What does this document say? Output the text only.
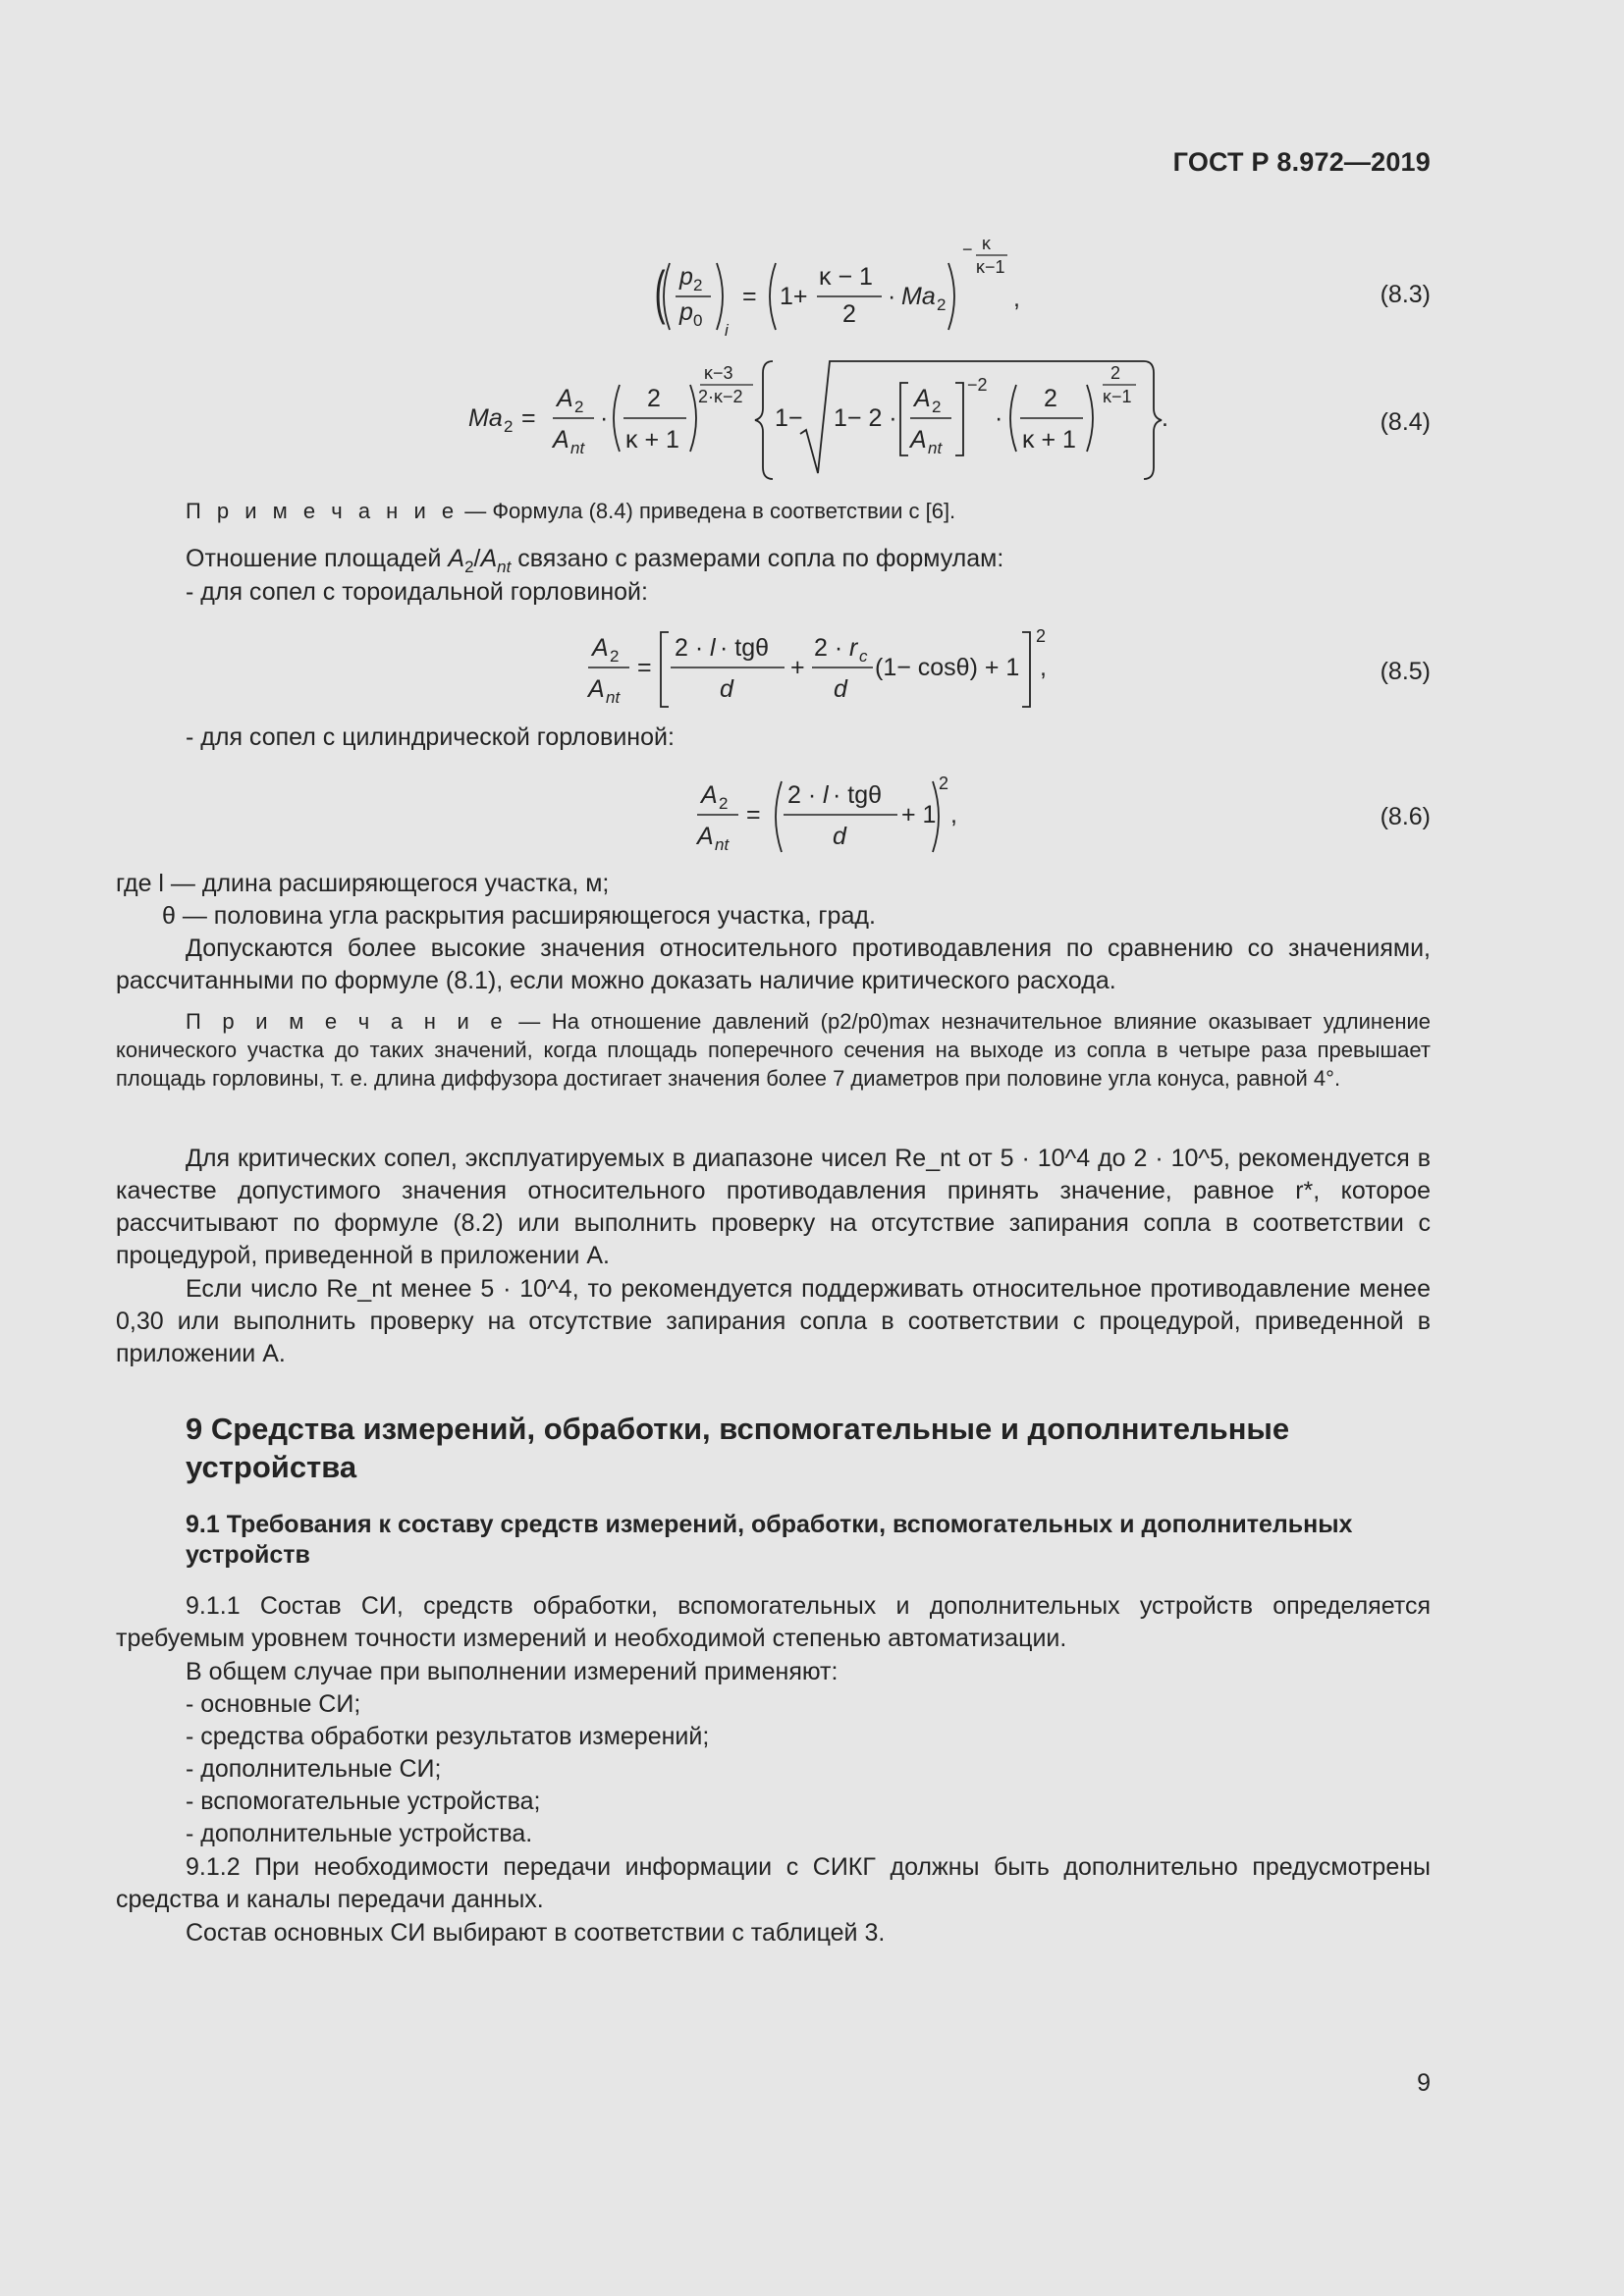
ГОСТ Р 8.972—2019
( p 2
p 0
i
= 1+
κ − 1
2
· Ma 2
− κ
κ−1
,	(8.3)
Ma 2 =
A 2
A nt
·
2
κ + 1
κ−3
2·κ−2
1− 1− 2 ·
A 2
A nt
−2
·
2
κ + 1
2
κ−1
.	(8.4)
П р и м е ч а н и е — Формула (8.4) приведена в соответствии с [6].
Отношение площадей $A_2/A_{nt}$ связано с размерами сопла по формулам:
- для сопел с тороидальной горловиной:
A 2
A nt
=
2 · l · tgθ
d
+
2 · r c
d
(1− cosθ) + 1
2
,	(8.5)
- для сопел с цилиндрической горловиной:
A 2
A nt
=
2 · l · tgθ
d
+ 1
2
,	(8.6)
где l — длина расширяющегося участка, м;
θ — половина угла раскрытия расширяющегося участка, град.
Допускаются более высокие значения относительного противодавления по сравнению со значениями, рассчитанными по формуле (8.1), если можно доказать наличие критического расхода.
П р и м е ч а н и е — На отношение давлений (p2/p0)max незначительное влияние оказывает удлинение конического участка до таких значений, когда площадь поперечного сечения на выходе из сопла в четыре раза превышает площадь горловины, т. е. длина диффузора достигает значения более 7 диаметров при половине угла конуса, равной 4°.
Для критических сопел, эксплуатируемых в диапазоне чисел Re_nt от 5 · 10^4 до 2 · 10^5, рекомендуется в качестве допустимого значения относительного противодавления принять значение, равное r*, которое рассчитывают по формуле (8.2) или выполнить проверку на отсутствие запирания сопла в соответствии с процедурой, приведенной в приложении А.
Если число Re_nt менее 5 · 10^4, то рекомендуется поддерживать относительное противодавление менее 0,30 или выполнить проверку на отсутствие запирания сопла в соответствии с процедурой, приведенной в приложении А.
9 Средства измерений, обработки, вспомогательные и дополнительные устройства
9.1 Требования к составу средств измерений, обработки, вспомогательных и дополнительных устройств
9.1.1 Состав СИ, средств обработки, вспомогательных и дополнительных устройств определяется требуемым уровнем точности измерений и необходимой степенью автоматизации.
В общем случае при выполнении измерений применяют:
- основные СИ;
- средства обработки результатов измерений;
- дополнительные СИ;
- вспомогательные устройства;
- дополнительные устройства.
9.1.2 При необходимости передачи информации с СИКГ должны быть дополнительно предусмотрены средства и каналы передачи данных.
Состав основных СИ выбирают в соответствии с таблицей 3.
9
